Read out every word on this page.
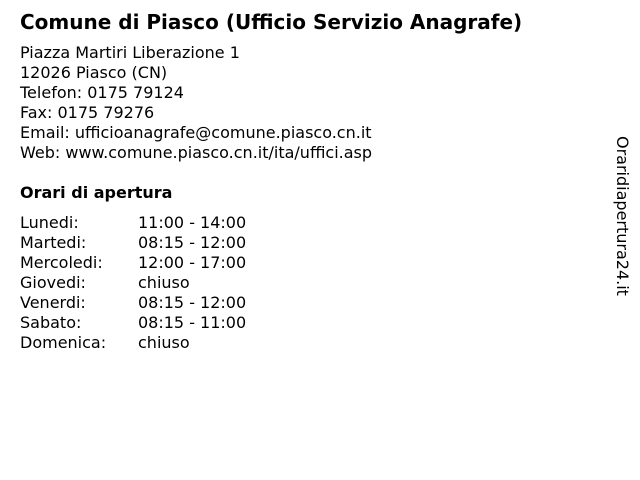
Comune di Piasco (Ufficio Servizio Anagrafe)
Piazza Martiri Liberazione 1
12026 Piasco (CN)
Telefon: 0175 79124
Fax: 0175 79276
Email: ufficioanagrafe@comune.piasco.cn.it
Web: www.comune.piasco.cn.it/ita/uffici.asp
Orari di apertura
Lunedi:	11:00 - 14:00
Martedi:	08:15 - 12:00
Mercoledi:	12:00 - 17:00
Giovedi:	chiuso
Venerdi:	08:15 - 12:00
Sabato:	08:15 - 11:00
Domenica:	chiuso
Oraridiapertura24.it
